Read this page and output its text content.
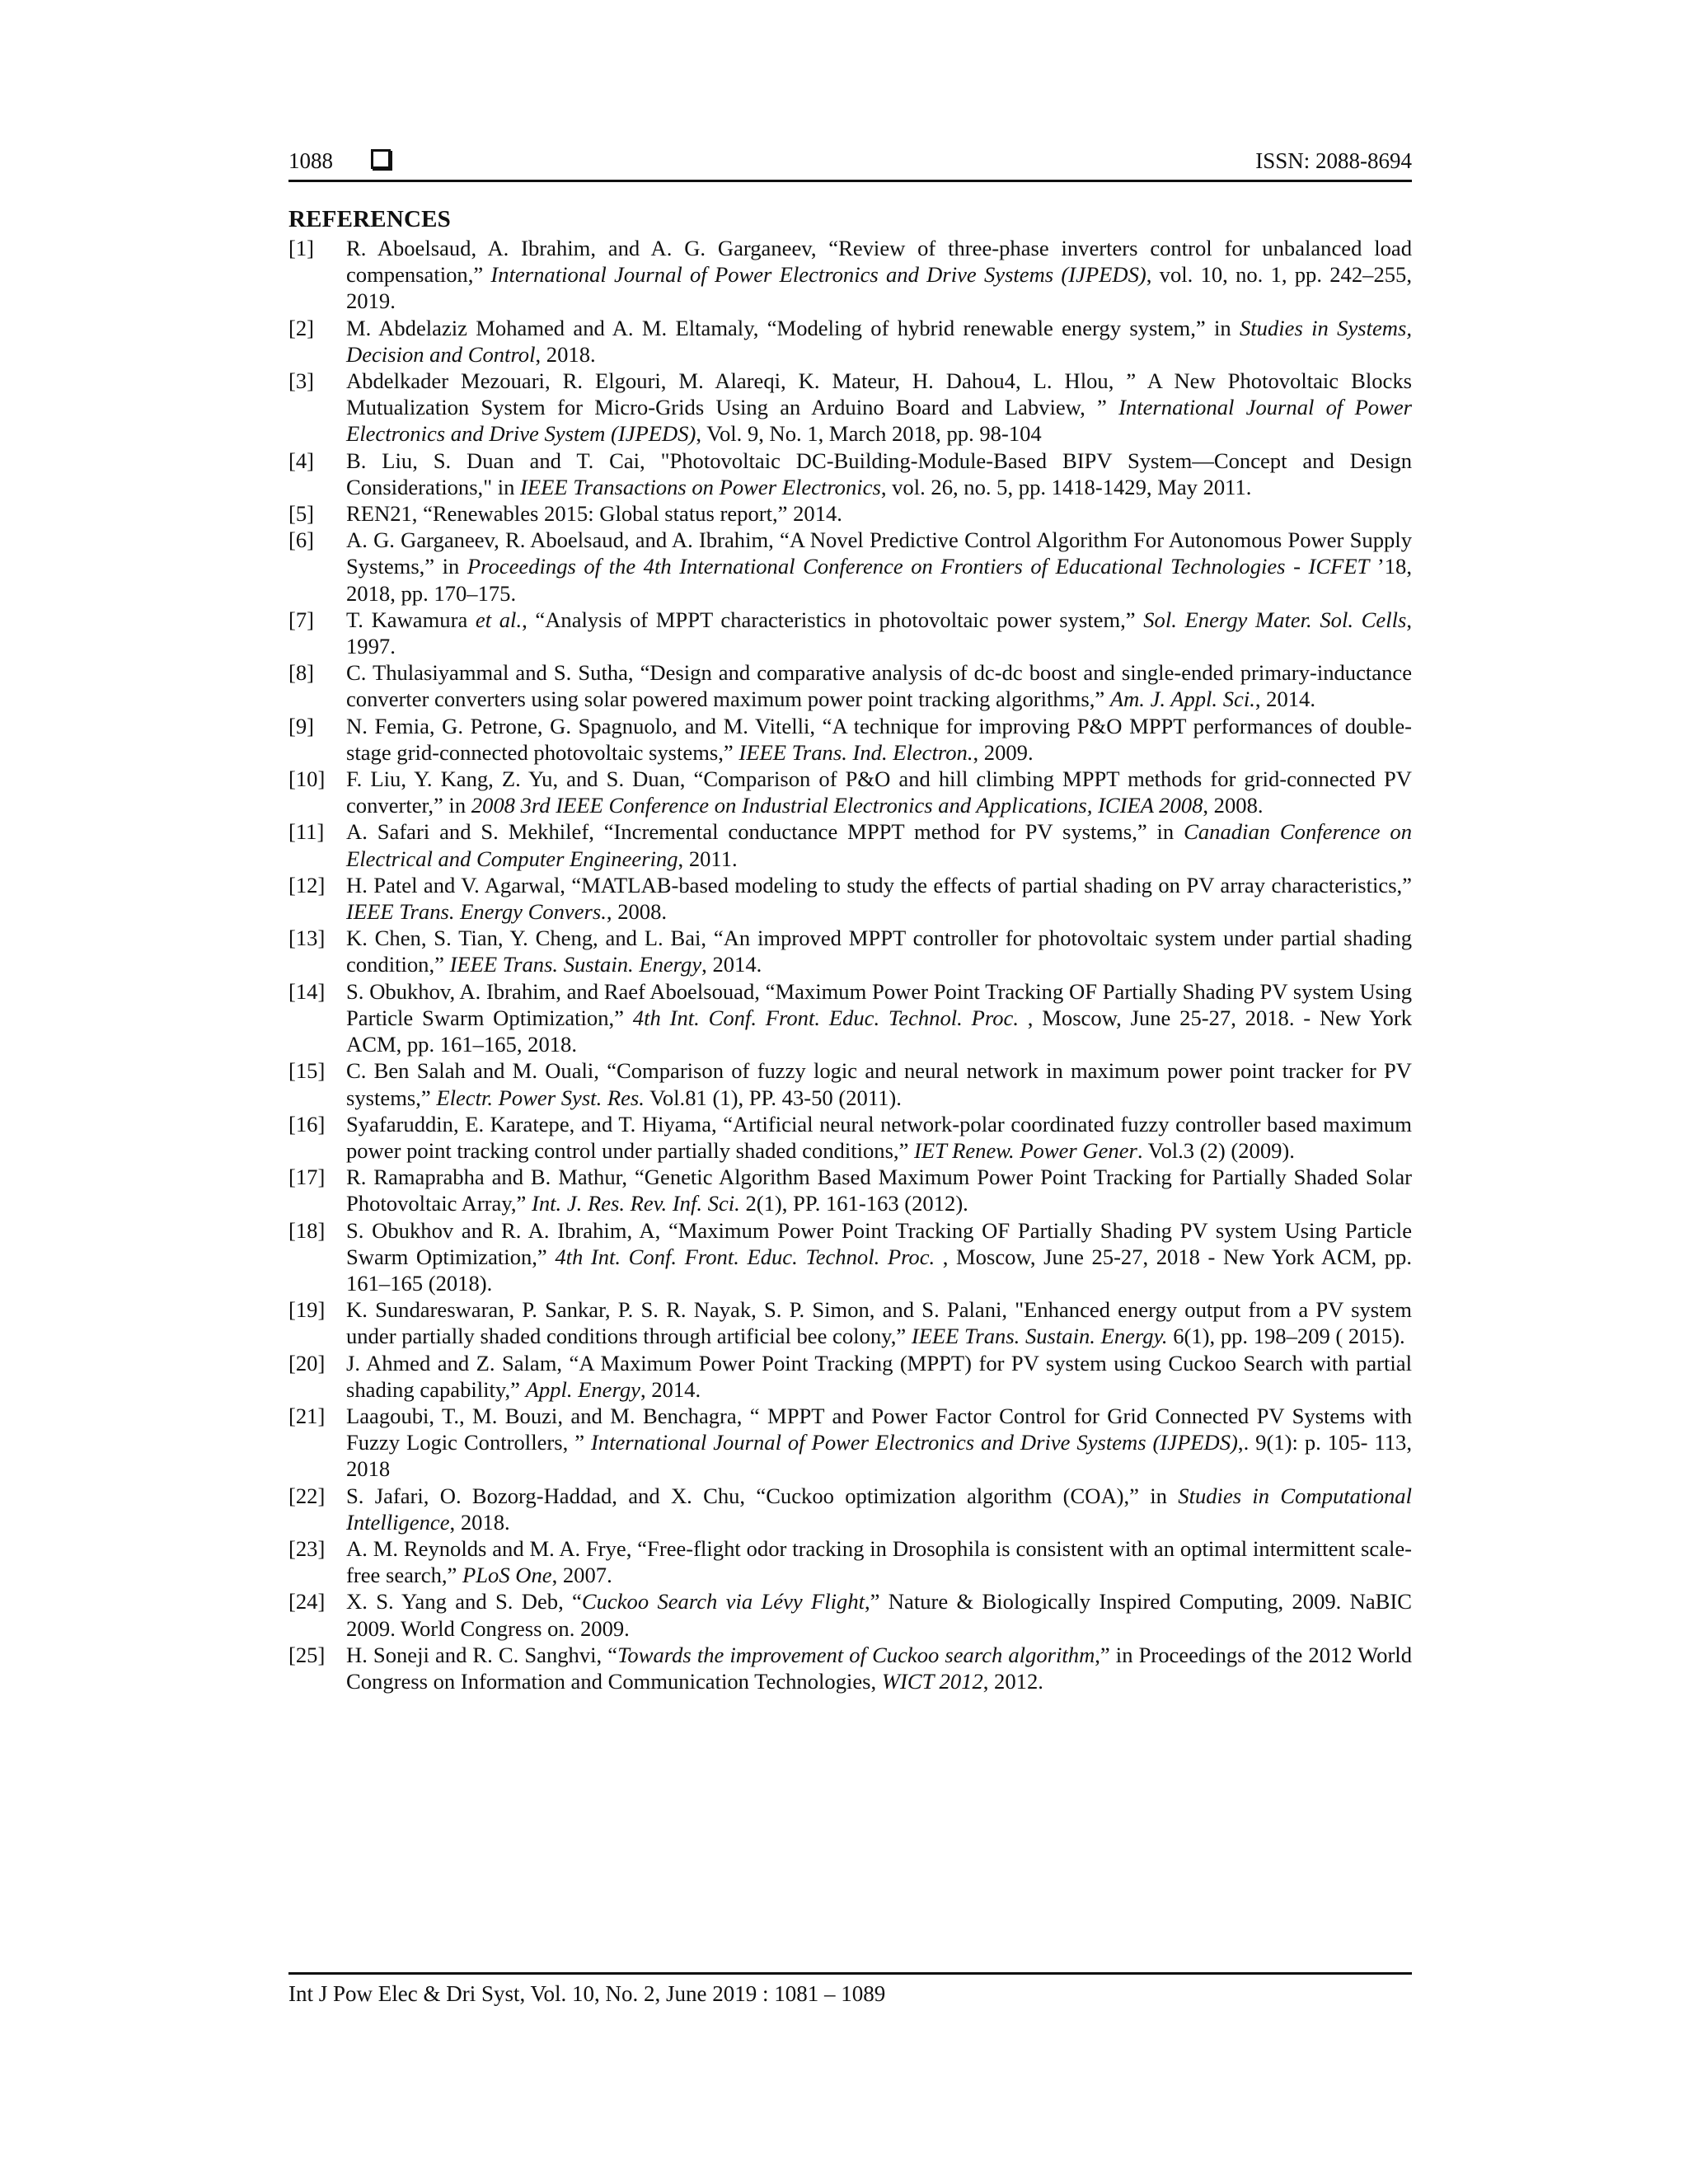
1088	ISSN: 2088-8694
REFERENCES
[1]	R. Aboelsaud, A. Ibrahim, and A. G. Garganeev, “Review of three-phase inverters control for unbalanced load compensation,” International Journal of Power Electronics and Drive Systems (IJPEDS), vol. 10, no. 1, pp. 242–255, 2019.
[2]	M. Abdelaziz Mohamed and A. M. Eltamaly, “Modeling of hybrid renewable energy system,” in Studies in Systems, Decision and Control, 2018.
[3]	Abdelkader Mezouari, R. Elgouri, M. Alareqi, K. Mateur, H. Dahou4, L. Hlou, ” A New Photovoltaic Blocks Mutualization System for Micro-Grids Using an Arduino Board and Labview, ” International Journal of Power Electronics and Drive System (IJPEDS), Vol. 9, No. 1, March 2018, pp. 98-104
[4]	B. Liu, S. Duan and T. Cai, "Photovoltaic DC-Building-Module-Based BIPV System—Concept and Design Considerations," in IEEE Transactions on Power Electronics, vol. 26, no. 5, pp. 1418-1429, May 2011.
[5]	REN21, “Renewables 2015: Global status report,” 2014.
[6]	A. G. Garganeev, R. Aboelsaud, and A. Ibrahim, “A Novel Predictive Control Algorithm For Autonomous Power Supply Systems,” in Proceedings of the 4th International Conference on Frontiers of Educational Technologies - ICFET ’18, 2018, pp. 170–175.
[7]	T. Kawamura et al., “Analysis of MPPT characteristics in photovoltaic power system,” Sol. Energy Mater. Sol. Cells, 1997.
[8]	C. Thulasiyammal and S. Sutha, “Design and comparative analysis of dc-dc boost and single-ended primary-inductance converter converters using solar powered maximum power point tracking algorithms,” Am. J. Appl. Sci., 2014.
[9]	N. Femia, G. Petrone, G. Spagnuolo, and M. Vitelli, “A technique for improving P&O MPPT performances of double-stage grid-connected photovoltaic systems,” IEEE Trans. Ind. Electron., 2009.
[10] F. Liu, Y. Kang, Z. Yu, and S. Duan, “Comparison of P&O and hill climbing MPPT methods for grid-connected PV converter,” in 2008 3rd IEEE Conference on Industrial Electronics and Applications, ICIEA 2008, 2008.
[11]	A. Safari and S. Mekhilef, “Incremental conductance MPPT method for PV systems,” in Canadian Conference on Electrical and Computer Engineering, 2011.
[12] H. Patel and V. Agarwal, “MATLAB-based modeling to study the effects of partial shading on PV array characteristics,” IEEE Trans. Energy Convers., 2008.
[13] K. Chen, S. Tian, Y. Cheng, and L. Bai, “An improved MPPT controller for photovoltaic system under partial shading condition,” IEEE Trans. Sustain. Energy, 2014.
[14] S. Obukhov, A. Ibrahim, and Raef Aboelsouad, “Maximum Power Point Tracking OF Partially Shading PV system Using Particle Swarm Optimization,” 4th Int. Conf. Front. Educ. Technol. Proc. , Moscow, June 25-27, 2018. - New York ACM, pp. 161–165, 2018.
[15] C. Ben Salah and M. Ouali, “Comparison of fuzzy logic and neural network in maximum power point tracker for PV systems,” Electr. Power Syst. Res. Vol.81 (1), PP. 43-50 (2011).
[16] Syafaruddin, E. Karatepe, and T. Hiyama, “Artificial neural network-polar coordinated fuzzy controller based maximum power point tracking control under partially shaded conditions,” IET Renew. Power Gener. Vol.3 (2) (2009).
[17] R. Ramaprabha and B. Mathur, “Genetic Algorithm Based Maximum Power Point Tracking for Partially Shaded Solar Photovoltaic Array,” Int. J. Res. Rev. Inf. Sci. 2(1), PP. 161-163 (2012).
[18] S. Obukhov and R. A. Ibrahim, A, “Maximum Power Point Tracking OF Partially Shading PV system Using Particle Swarm Optimization,” 4th Int. Conf. Front. Educ. Technol. Proc. , Moscow, June 25-27, 2018 - New York ACM, pp. 161–165 (2018).
[19] K. Sundareswaran, P. Sankar, P. S. R. Nayak, S. P. Simon, and S. Palani, "Enhanced energy output from a PV system under partially shaded conditions through artificial bee colony,” IEEE Trans. Sustain. Energy. 6(1), pp. 198–209 ( 2015).
[20] J. Ahmed and Z. Salam, “A Maximum Power Point Tracking (MPPT) for PV system using Cuckoo Search with partial shading capability,” Appl. Energy, 2014.
[21] Laagoubi, T., M. Bouzi, and M. Benchagra, “ MPPT and Power Factor Control for Grid Connected PV Systems with Fuzzy Logic Controllers, ” International Journal of Power Electronics and Drive Systems (IJPEDS),. 9(1): p. 105- 113, 2018
[22] S. Jafari, O. Bozorg-Haddad, and X. Chu, “Cuckoo optimization algorithm (COA),” in Studies in Computational Intelligence, 2018.
[23] A. M. Reynolds and M. A. Frye, “Free-flight odor tracking in Drosophila is consistent with an optimal intermittent scale-free search,” PLoS One, 2007.
[24] X. S. Yang and S. Deb, “Cuckoo Search via Lévy Flight,” Nature & Biologically Inspired Computing, 2009. NaBIC 2009. World Congress on. 2009.
[25] H. Soneji and R. C. Sanghvi, “Towards the improvement of Cuckoo search algorithm,” in Proceedings of the 2012 World Congress on Information and Communication Technologies, WICT 2012, 2012.
Int J Pow Elec & Dri Syst, Vol. 10, No. 2, June 2019 : 1081 – 1089
